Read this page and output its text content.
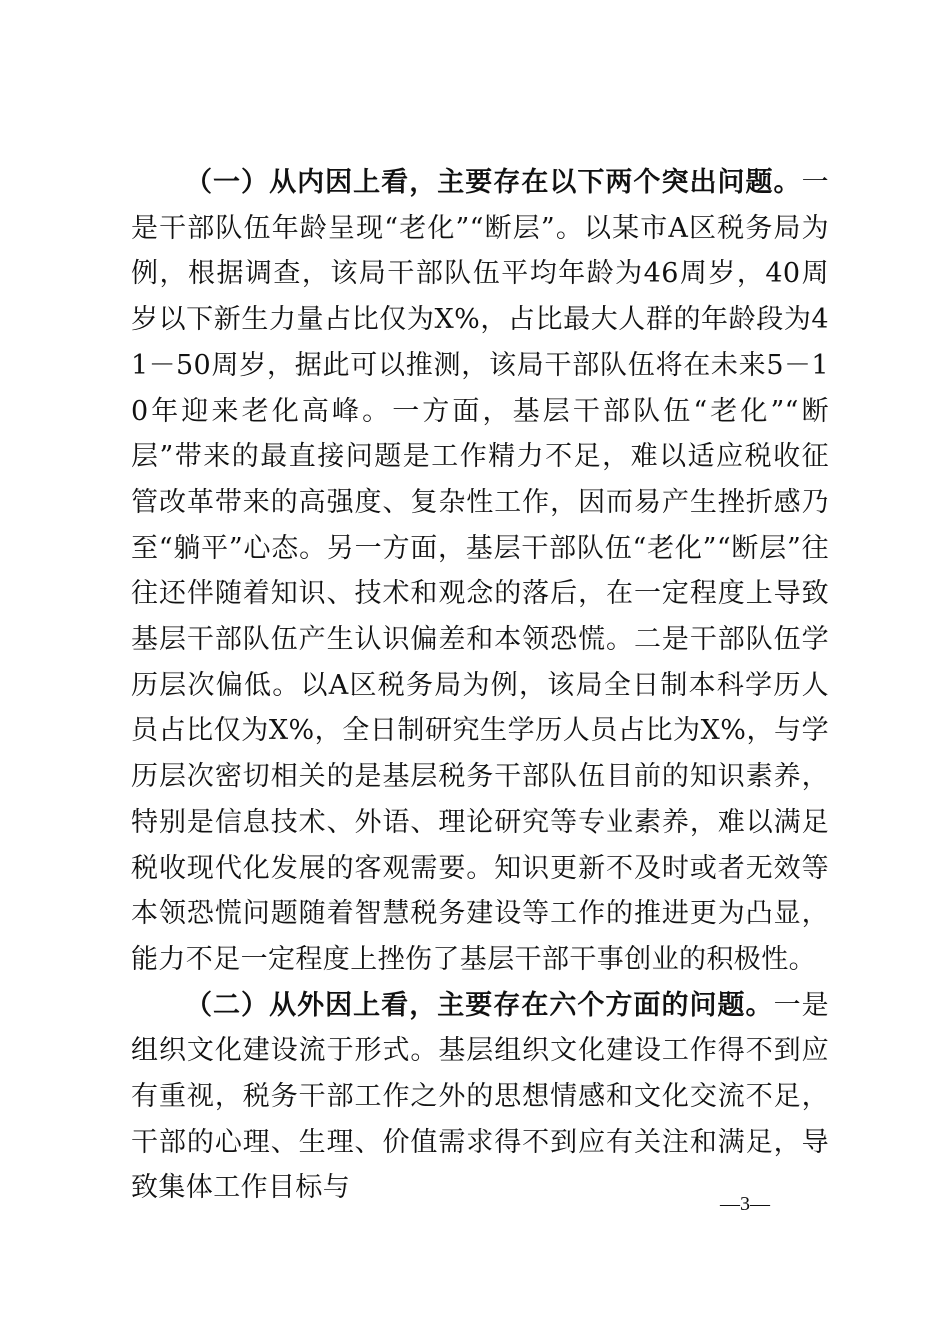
（一）从内因上看，主要存在以下两个突出问题。一是干部队伍年龄呈现“老化”“断层”。以某市A区税务局为例，根据调查，该局干部队伍平均年龄为46周岁，40周岁以下新生力量占比仅为X%，占比最大人群的年龄段为41－50周岁，据此可以推测，该局干部队伍将在未来5－10年迎来老化高峰。一方面，基层干部队伍“老化”“断层”带来的最直接问题是工作精力不足，难以适应税收征管改革带来的高强度、复杂性工作，因而易产生挫折感乃至“躺平”心态。另一方面，基层干部队伍“老化”“断层”往往还伴随着知识、技术和观念的落后，在一定程度上导致基层干部队伍产生认识偏差和本领恐慌。二是干部队伍学历层次偏低。以A区税务局为例，该局全日制本科学历人员占比仅为X%，全日制研究生学历人员占比为X%，与学历层次密切相关的是基层税务干部队伍目前的知识素养，特别是信息技术、外语、理论研究等专业素养，难以满足税收现代化发展的客观需要。知识更新不及时或者无效等本领恐慌问题随着智慧税务建设等工作的推进更为凸显，能力不足一定程度上挫伤了基层干部干事创业的积极性。

（二）从外因上看，主要存在六个方面的问题。一是组织文化建设流于形式。基层组织文化建设工作得不到应有重视，税务干部工作之外的思想情感和文化交流不足，干部的心理、生理、价值需求得不到应有关注和满足，导致集体工作目标与

—3—
